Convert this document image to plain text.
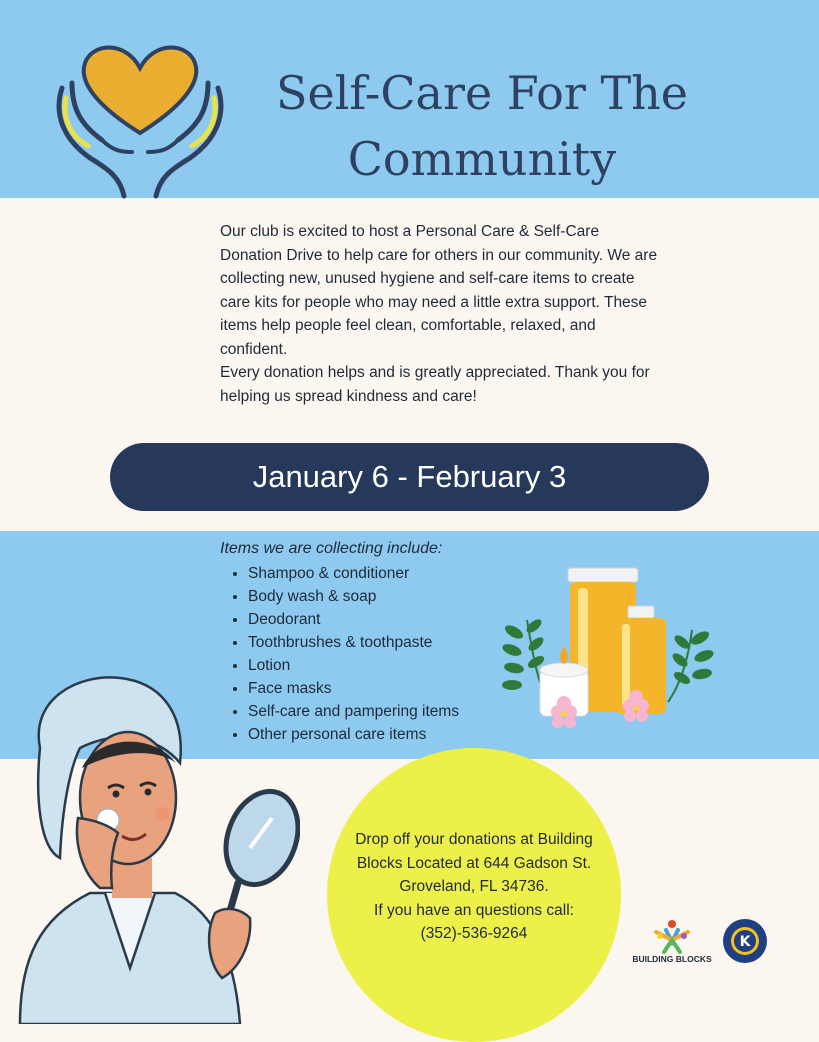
Self-Care For The
Community

Our club is excited to host a Personal Care & Self-Care Donation Drive to help care for others in our community. We are collecting new, unused hygiene and self-care items to create care kits for people who may need a little extra support. These items help people feel clean, comfortable, relaxed, and confident.

Every donation helps and is greatly appreciated. Thank you for helping us spread kindness and care!

January 6 - February 3
Items we are collecting include:
• Shampoo & conditioner
• Body wash & soap
• Deodorant
• Toothbrushes & toothpaste
• Lotion
• Face masks
• Self-care and pampering items
• Other personal care items
Drop off your donations at Building
Blocks Located at 644 Gadson St.
Groveland, FL 34736.
If you have an questions call:
(352)-536-9264
BUILDING BLOCKS
K
